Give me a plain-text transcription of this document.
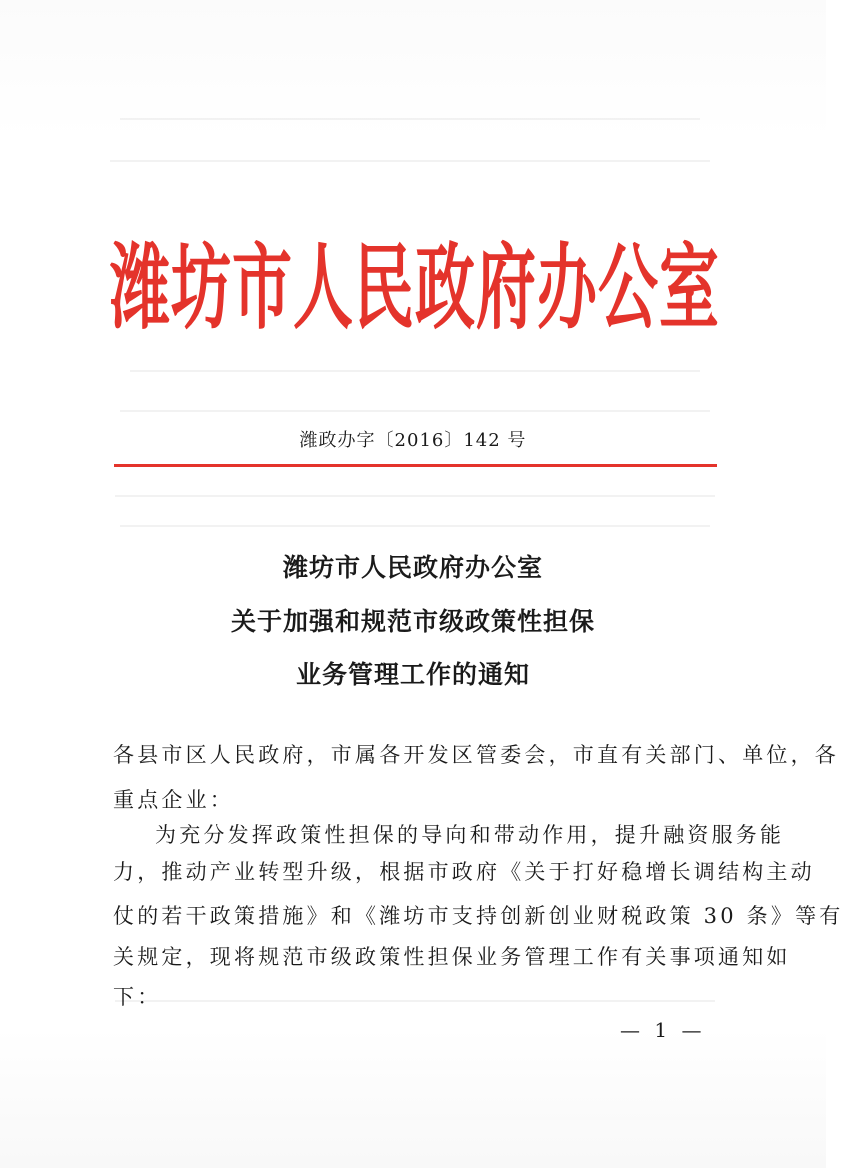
潍坊市人民政府办公室
潍政办字〔2016〕142 号
潍坊市人民政府办公室
关于加强和规范市级政策性担保
业务管理工作的通知
各县市区人民政府，市属各开发区管委会，市直有关部门、单位，各
重点企业：
为充分发挥政策性担保的导向和带动作用，提升融资服务能
力，推动产业转型升级，根据市政府《关于打好稳增长调结构主动
仗的若干政策措施》和《潍坊市支持创新创业财税政策 30 条》等有
关规定，现将规范市级政策性担保业务管理工作有关事项通知如
下：
— 1 —
